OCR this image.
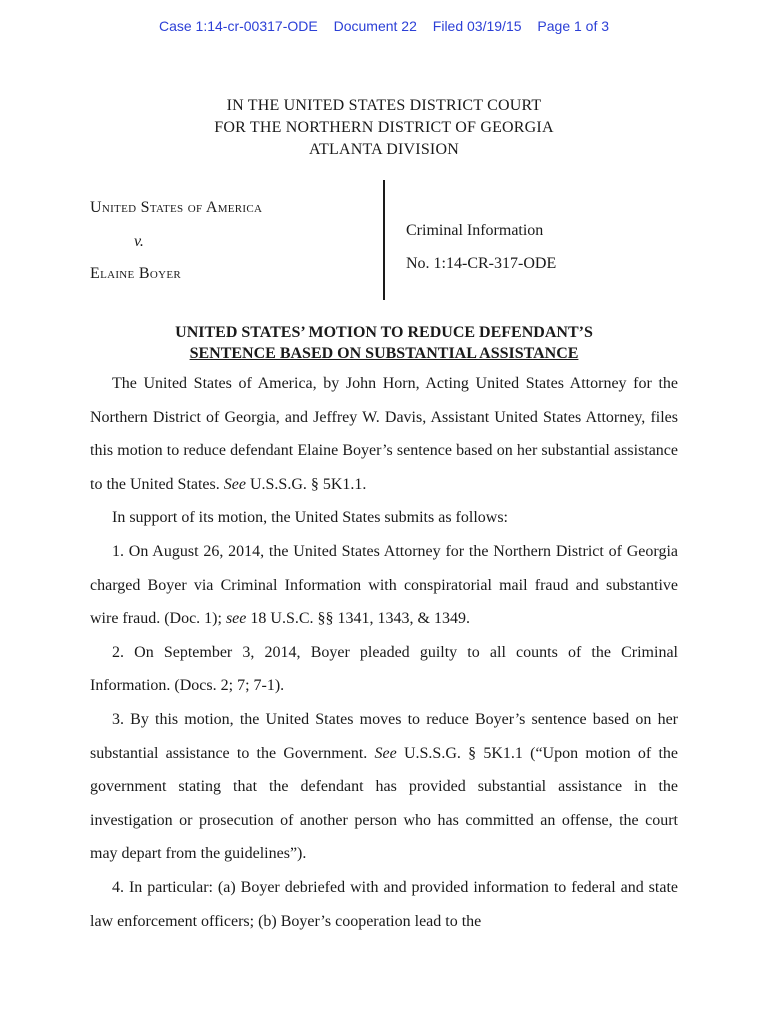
Case 1:14-cr-00317-ODE Document 22 Filed 03/19/15 Page 1 of 3
IN THE UNITED STATES DISTRICT COURT
FOR THE NORTHERN DISTRICT OF GEORGIA
ATLANTA DIVISION
United States of America
v.
Elaine Boyer
Criminal Information
No. 1:14-CR-317-ODE
UNITED STATES’ MOTION TO REDUCE DEFENDANT’S
SENTENCE BASED ON SUBSTANTIAL ASSISTANCE

The United States of America, by John Horn, Acting United States Attorney for the Northern District of Georgia, and Jeffrey W. Davis, Assistant United States Attorney, files this motion to reduce defendant Elaine Boyer’s sentence based on her substantial assistance to the United States. See U.S.S.G. § 5K1.1.

In support of its motion, the United States submits as follows:

1. On August 26, 2014, the United States Attorney for the Northern District of Georgia charged Boyer via Criminal Information with conspiratorial mail fraud and substantive wire fraud. (Doc. 1); see 18 U.S.C. §§ 1341, 1343, & 1349.

2. On September 3, 2014, Boyer pleaded guilty to all counts of the Criminal Information. (Docs. 2; 7; 7-1).

3. By this motion, the United States moves to reduce Boyer’s sentence based on her substantial assistance to the Government. See U.S.S.G. § 5K1.1 (“Upon motion of the government stating that the defendant has provided substantial assistance in the investigation or prosecution of another person who has committed an offense, the court may depart from the guidelines”).

4. In particular: (a) Boyer debriefed with and provided information to federal and state law enforcement officers; (b) Boyer’s cooperation lead to the
